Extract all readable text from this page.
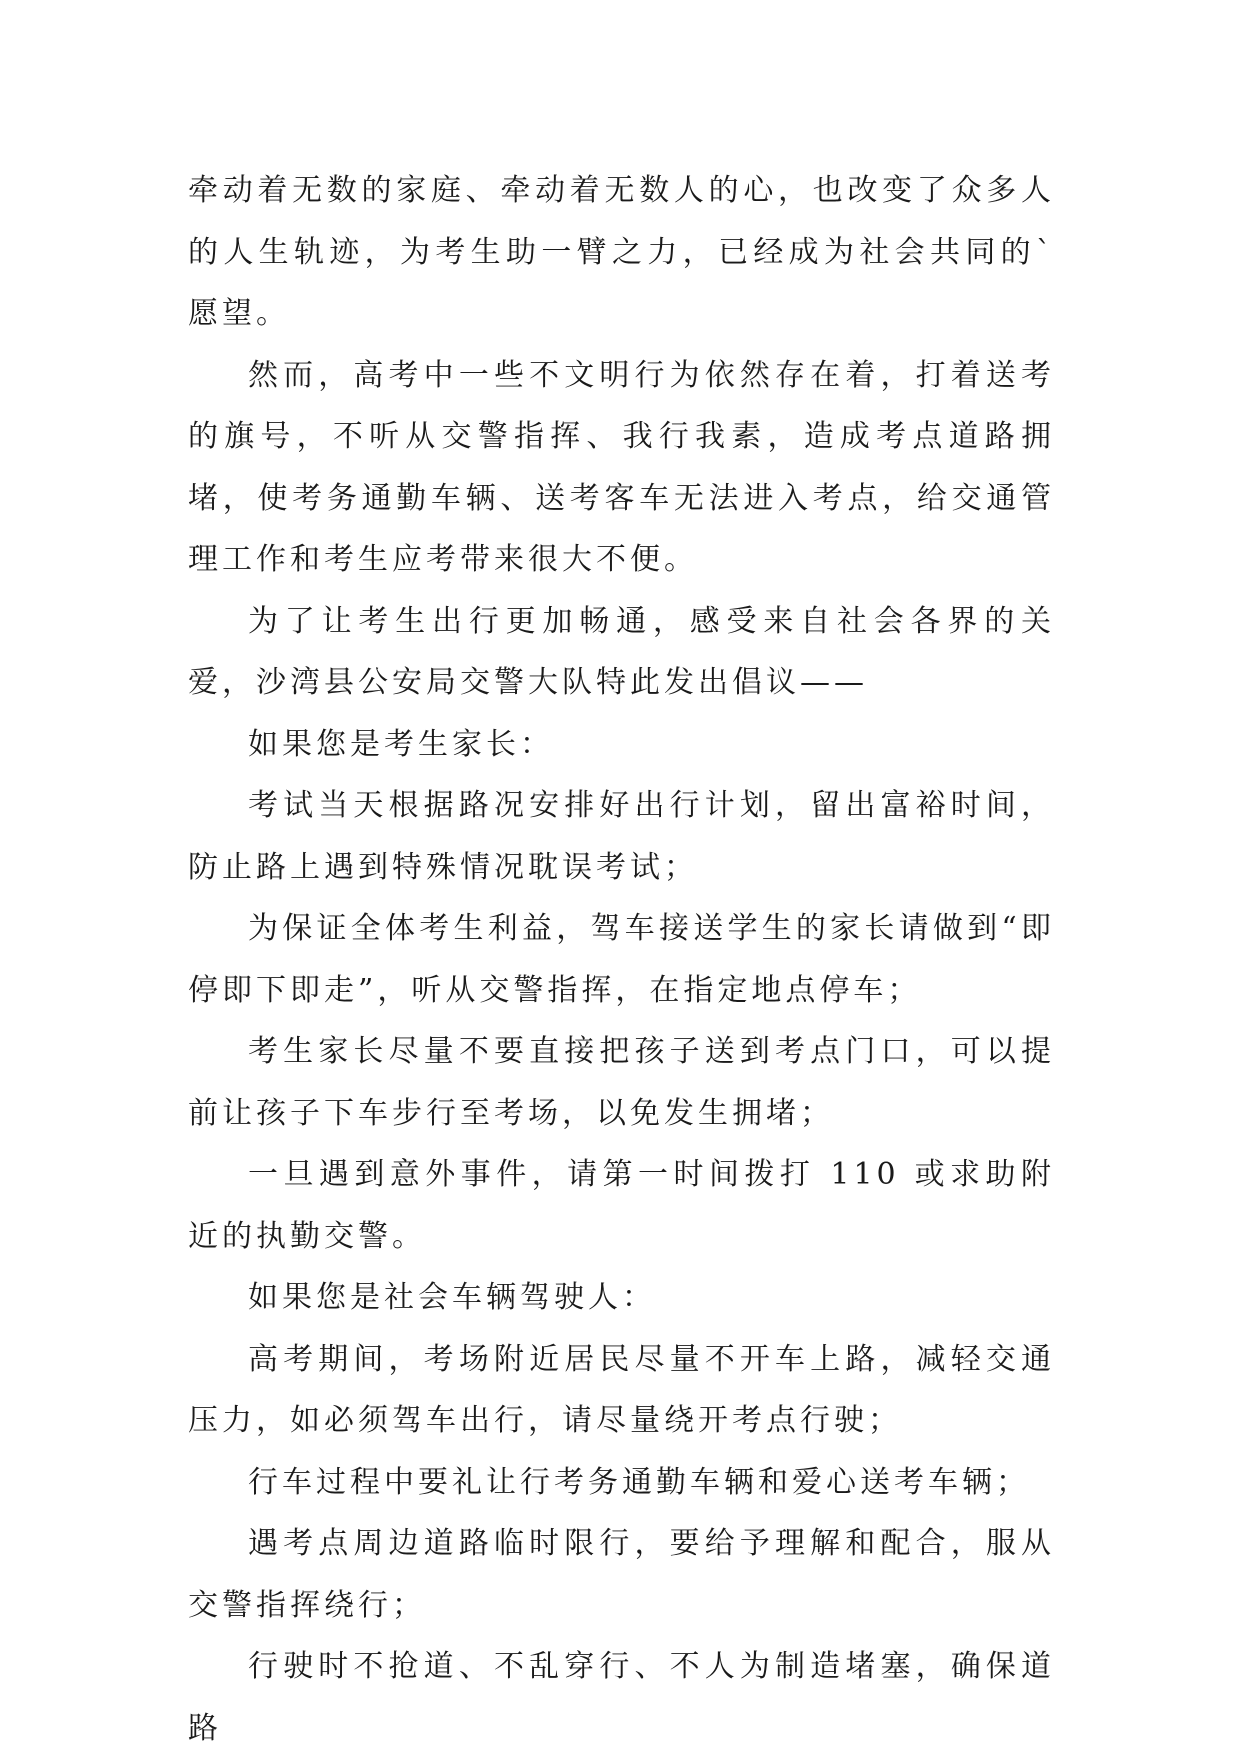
牵动着无数的家庭、牵动着无数人的心，也改变了众多人的人生轨迹，为考生助一臂之力，已经成为社会共同的`愿望。

然而，高考中一些不文明行为依然存在着，打着送考的旗号，不听从交警指挥、我行我素，造成考点道路拥堵，使考务通勤车辆、送考客车无法进入考点，给交通管理工作和考生应考带来很大不便。

为了让考生出行更加畅通，感受来自社会各界的关爱，沙湾县公安局交警大队特此发出倡议——

如果您是考生家长：

考试当天根据路况安排好出行计划，留出富裕时间，防止路上遇到特殊情况耽误考试；

为保证全体考生利益，驾车接送学生的家长请做到“即停即下即走”，听从交警指挥，在指定地点停车；

考生家长尽量不要直接把孩子送到考点门口，可以提前让孩子下车步行至考场，以免发生拥堵；

一旦遇到意外事件，请第一时间拨打 110 或求助附近的执勤交警。

如果您是社会车辆驾驶人：

高考期间，考场附近居民尽量不开车上路，减轻交通压力，如必须驾车出行，请尽量绕开考点行驶；

行车过程中要礼让行考务通勤车辆和爱心送考车辆；

遇考点周边道路临时限行，要给予理解和配合，服从交警指挥绕行；

行驶时不抢道、不乱穿行、不人为制造堵塞，确保道路
